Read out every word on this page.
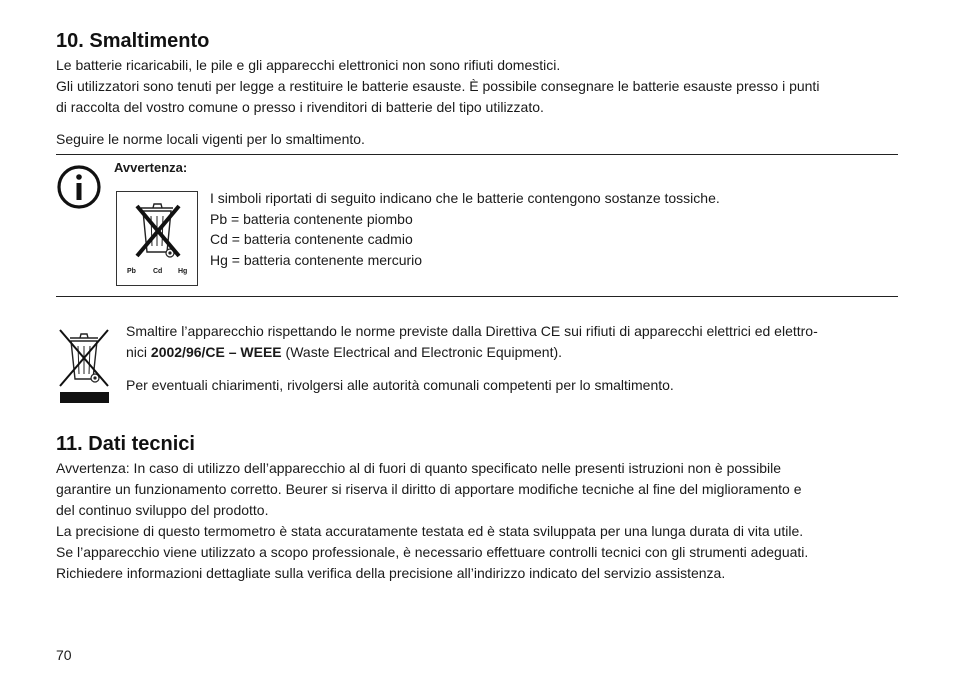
10. Smaltimento

Le batterie ricaricabili, le pile e gli apparecchi elettronici non sono rifiuti domestici.

Gli utilizzatori sono tenuti per legge a restituire le batterie esauste. È possibile consegnare le batterie esauste presso i punti

di raccolta del vostro comune o presso i rivenditori di batterie del tipo utilizzato.

Seguire le norme locali vigenti per lo smaltimento.

Avvertenza:

Pb Cd Hg

I simboli riportati di seguito indicano che le batterie contengono sostanze tossiche.

Pb = batteria contenente piombo

Cd = batteria contenente cadmio

Hg = batteria contenente mercurio

Smaltire l’apparecchio rispettando le norme previste dalla Direttiva CE sui rifiuti di apparecchi elettrici ed elettro-

nici 2002/96/CE – WEEE (Waste Electrical and Electronic Equipment).

Per eventuali chiarimenti, rivolgersi alle autorità comunali competenti per lo smaltimento.

11. Dati tecnici

Avvertenza: In caso di utilizzo dell’apparecchio al di fuori di quanto specificato nelle presenti istruzioni non è possibile

garantire un funzionamento corretto. Beurer si riserva il diritto di apportare modifiche tecniche al fine del miglioramento e

del continuo sviluppo del prodotto.

La precisione di questo termometro è stata accuratamente testata ed è stata sviluppata per una lunga durata di vita utile.

Se l’apparecchio viene utilizzato a scopo professionale, è necessario effettuare controlli tecnici con gli strumenti adeguati.

Richiedere informazioni dettagliate sulla verifica della precisione all’indirizzo indicato del servizio assistenza.

70
